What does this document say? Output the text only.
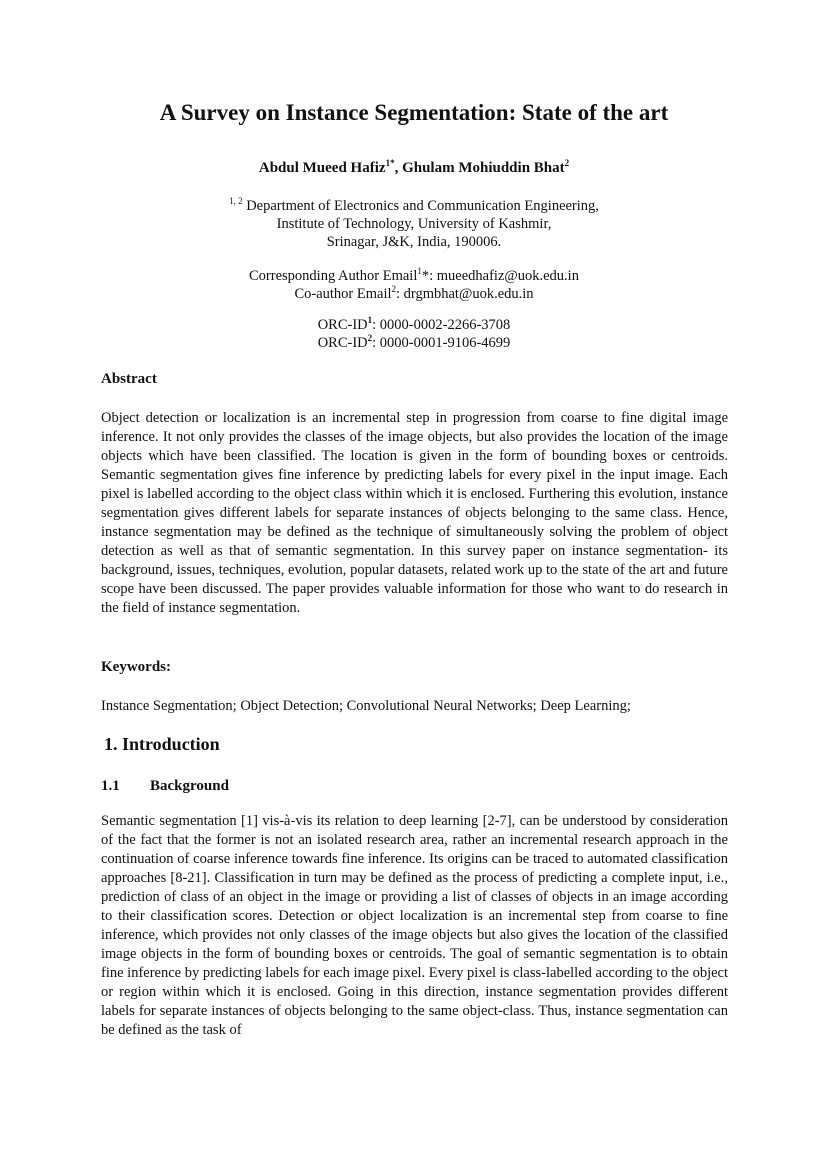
A Survey on Instance Segmentation: State of the art
Abdul Mueed Hafiz$^{1*}$, Ghulam Mohiuddin Bhat$^2$
$^{1, 2}$ Department of Electronics and Communication Engineering,
Institute of Technology, University of Kashmir,
Srinagar, J&K, India, 190006.
Corresponding Author Email$^1$*: mueedhafiz@uok.edu.in
Co-author Email$^2$: drgmbhat@uok.edu.in
ORC-$ID^1$: 0000-0002-2266-3708
ORC-$ID^2$: 0000-0001-9106-4699
Abstract

Object detection or localization is an incremental step in progression from coarse to fine digital image inference. It not only provides the classes of the image objects, but also provides the location of the image objects which have been classified. The location is given in the form of bounding boxes or centroids. Semantic segmentation gives fine inference by predicting labels for every pixel in the input image. Each pixel is labelled according to the object class within which it is enclosed. Furthering this evolution, instance segmentation gives different labels for separate instances of objects belonging to the same class. Hence, instance segmentation may be defined as the technique of simultaneously solving the problem of object detection as well as that of semantic segmentation. In this survey paper on instance segmentation- its background, issues, techniques, evolution, popular datasets, related work up to the state of the art and future scope have been discussed. The paper provides valuable information for those who want to do research in the field of instance segmentation.

Keywords:

Instance Segmentation; Object Detection; Convolutional Neural Networks; Deep Learning;

1. Introduction
1.1 Background

Semantic segmentation [1] vis-à-vis its relation to deep learning [2-7], can be understood by consideration of the fact that the former is not an isolated research area, rather an incremental research approach in the continuation of coarse inference towards fine inference. Its origins can be traced to automated classification approaches [8-21]. Classification in turn may be defined as the process of predicting a complete input, i.e., prediction of class of an object in the image or providing a list of classes of objects in an image according to their classification scores. Detection or object localization is an incremental step from coarse to fine inference, which provides not only classes of the image objects but also gives the location of the classified image objects in the form of bounding boxes or centroids. The goal of semantic segmentation is to obtain fine inference by predicting labels for each image pixel. Every pixel is class-labelled according to the object or region within which it is enclosed. Going in this direction, instance segmentation provides different labels for separate instances of objects belonging to the same object-class. Thus, instance segmentation can be defined as the task of
